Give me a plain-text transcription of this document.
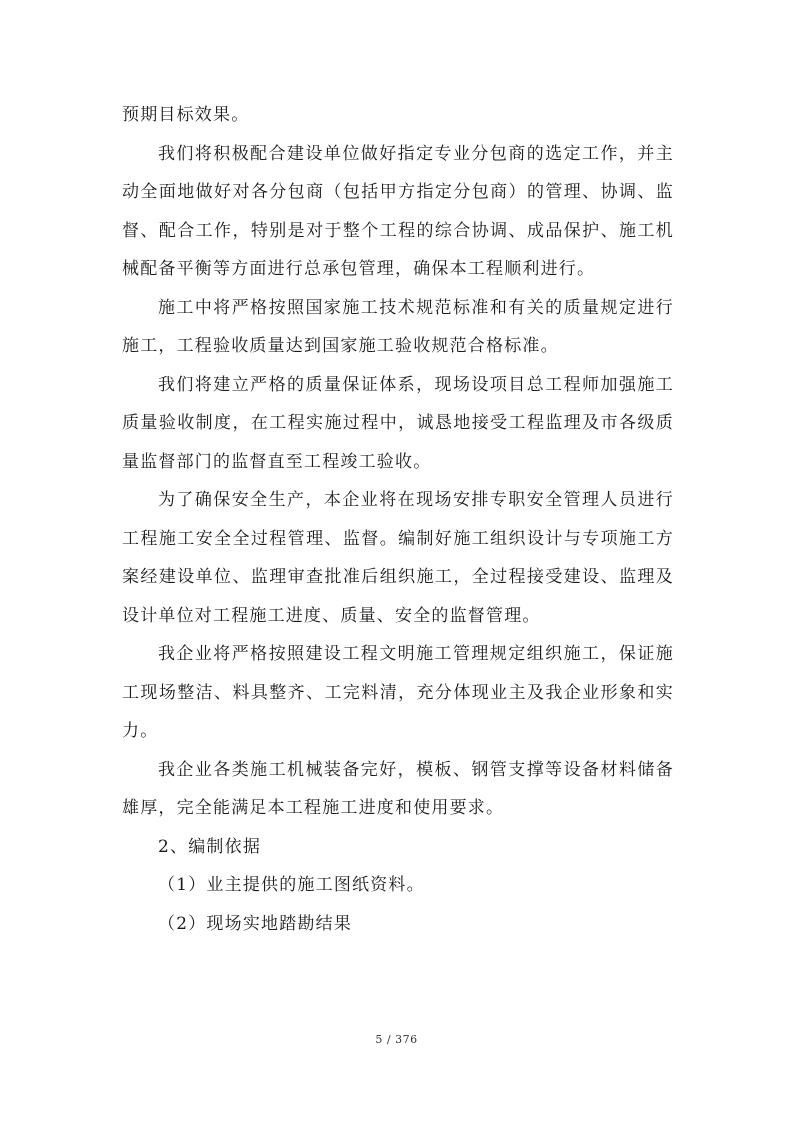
预期目标效果。

我们将积极配合建设单位做好指定专业分包商的选定工作，并主动全面地做好对各分包商（包括甲方指定分包商）的管理、协调、监督、配合工作，特别是对于整个工程的综合协调、成品保护、施工机械配备平衡等方面进行总承包管理，确保本工程顺利进行。

施工中将严格按照国家施工技术规范标准和有关的质量规定进行施工，工程验收质量达到国家施工验收规范合格标准。

我们将建立严格的质量保证体系，现场设项目总工程师加强施工质量验收制度，在工程实施过程中，诚恳地接受工程监理及市各级质量监督部门的监督直至工程竣工验收。

为了确保安全生产，本企业将在现场安排专职安全管理人员进行工程施工安全全过程管理、监督。编制好施工组织设计与专项施工方案经建设单位、监理审查批准后组织施工，全过程接受建设、监理及设计单位对工程施工进度、质量、安全的监督管理。

我企业将严格按照建设工程文明施工管理规定组织施工，保证施工现场整洁、料具整齐、工完料清，充分体现业主及我企业形象和实力。

我企业各类施工机械装备完好，模板、钢管支撑等设备材料储备雄厚，完全能满足本工程施工进度和使用要求。

2、编制依据

（1）业主提供的施工图纸资料。

（2）现场实地踏勘结果

5 / 376
